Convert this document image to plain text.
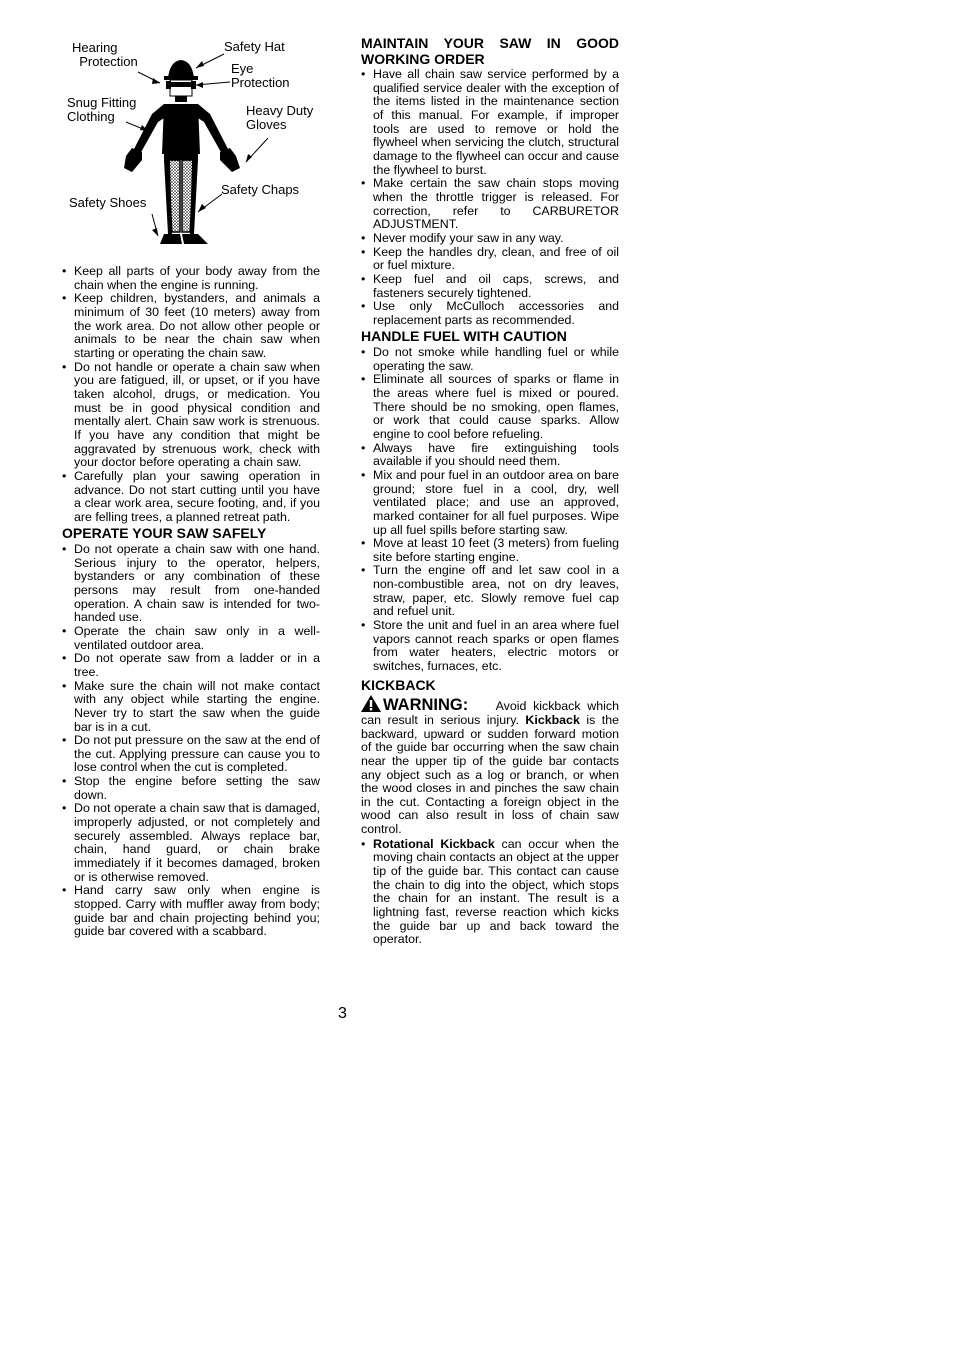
Hearing
Protection
Safety Hat
Eye
Protection
Snug Fitting
Clothing	Heavy Duty
Gloves
Safety Chaps
Safety Shoes
• Keep all parts of your body away from the chain when the engine is running.
• Keep children, bystanders, and animals a minimum of 30 feet (10 meters) away from the work area. Do not allow other people or animals to be near the chain saw when starting or operating the chain saw.
• Do not handle or operate a chain saw when you are fatigued, ill, or upset, or if you have taken alcohol, drugs, or medication. You must be in good physical condition and mentally alert. Chain saw work is strenuous. If you have any condition that might be aggravated by strenuous work, check with your doctor before operating a chain saw.
• Carefully plan your sawing operation in advance. Do not start cutting until you have a clear work area, secure footing, and, if you are felling trees, a planned retreat path.
OPERATE YOUR SAW SAFELY
• Do not operate a chain saw with one hand. Serious injury to the operator, helpers, bystanders or any combination of these persons may result from one-handed operation. A chain saw is intended for two-handed use.
• Operate the chain saw only in a well-ventilated outdoor area.
• Do not operate saw from a ladder or in a tree.
• Make sure the chain will not make contact with any object while starting the engine. Never try to start the saw when the guide bar is in a cut.
• Do not put pressure on the saw at the end of the cut. Applying pressure can cause you to lose control when the cut is completed.
• Stop the engine before setting the saw down.
• Do not operate a chain saw that is damaged, improperly adjusted, or not completely and securely assembled. Always replace bar, chain, hand guard, or chain brake immediately if it becomes damaged, broken or is otherwise removed.
• Hand carry saw only when engine is stopped. Carry with muffler away from body; guide bar and chain projecting behind you; guide bar covered with a scabbard.
MAINTAIN YOUR SAW IN GOOD WORKING ORDER
• Have all chain saw service performed by a qualified service dealer with the exception of the items listed in the maintenance section of this manual. For example, if improper tools are used to remove or hold the flywheel when servicing the clutch, structural damage to the flywheel can occur and cause the flywheel to burst.
• Make certain the saw chain stops moving when the throttle trigger is released. For correction, refer to CARBURETOR ADJUSTMENT.
• Never modify your saw in any way.
• Keep the handles dry, clean, and free of oil or fuel mixture.
• Keep fuel and oil caps, screws, and fasteners securely tightened.
• Use only McCulloch accessories and replacement parts as recommended.
HANDLE FUEL WITH CAUTION
• Do not smoke while handling fuel or while operating the saw.
• Eliminate all sources of sparks or flame in the areas where fuel is mixed or poured. There should be no smoking, open flames, or work that could cause sparks. Allow engine to cool before refueling.
• Always have fire extinguishing tools available if you should need them.
• Mix and pour fuel in an outdoor area on bare ground; store fuel in a cool, dry, well ventilated place; and use an approved, marked container for all fuel purposes. Wipe up all fuel spills before starting saw.
• Move at least 10 feet (3 meters) from fueling site before starting engine.
• Turn the engine off and let saw cool in a non-combustible area, not on dry leaves, straw, paper, etc. Slowly remove fuel cap and refuel unit.
• Store the unit and fuel in an area where fuel vapors cannot reach sparks or open flames from water heaters, electric motors or switches, furnaces, etc.
KICKBACK
WARNING: Avoid kickback which can result in serious injury. Kickback is the backward, upward or sudden forward motion of the guide bar occurring when the saw chain near the upper tip of the guide bar contacts any object such as a log or branch, or when the wood closes in and pinches the saw chain in the cut. Contacting a foreign object in the wood can also result in loss of chain saw control.
• Rotational Kickback can occur when the moving chain contacts an object at the upper tip of the guide bar. This contact can cause the chain to dig into the object, which stops the chain for an instant. The result is a lightning fast, reverse reaction which kicks the guide bar up and back toward the operator.
3
